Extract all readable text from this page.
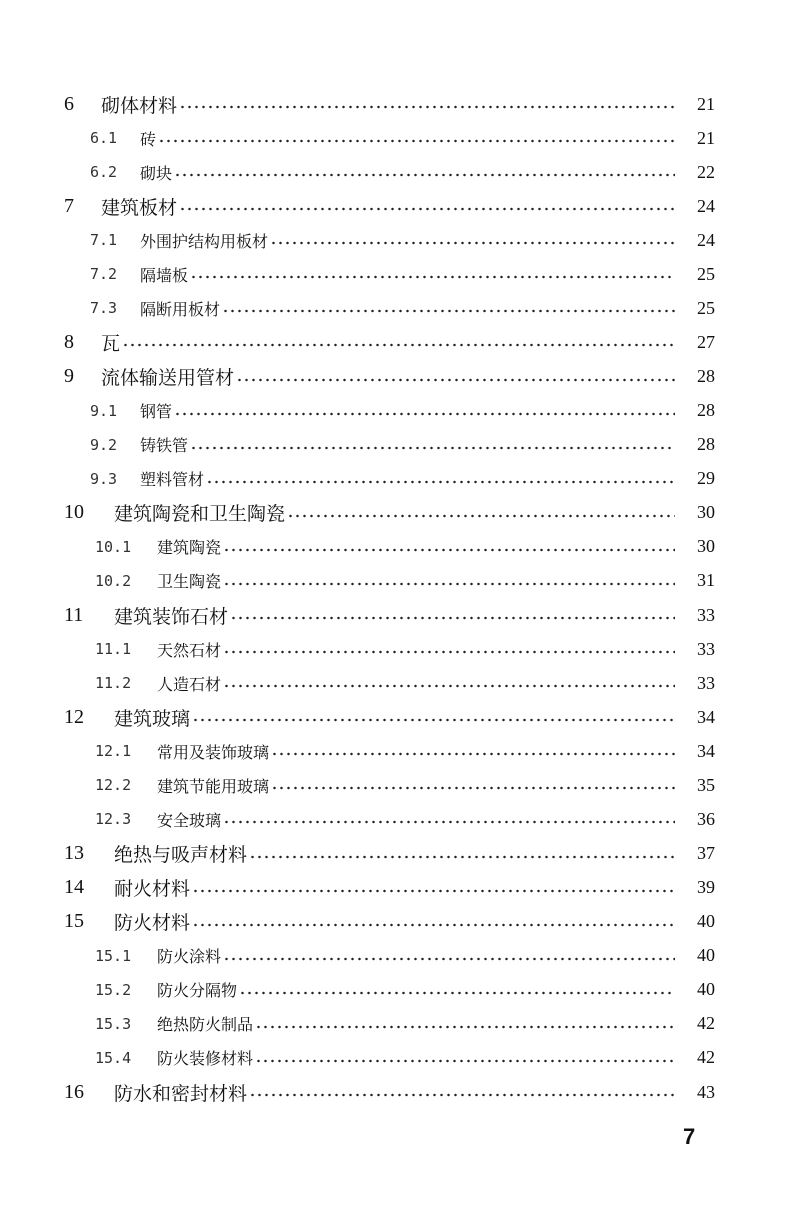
6	砌体材料	21
6.1	砖	21
6.2	砌块	22
7	建筑板材	24
7.1	外围护结构用板材	24
7.2	隔墙板	25
7.3	隔断用板材	25
8	瓦	27
9	流体输送用管材	28
9.1	钢管	28
9.2	铸铁管	28
9.3	塑料管材	29
10	建筑陶瓷和卫生陶瓷	30
10.1	建筑陶瓷	30
10.2	卫生陶瓷	31
11	建筑装饰石材	33
11.1	天然石材	33
11.2	人造石材	33
12	建筑玻璃	34
12.1	常用及装饰玻璃	34
12.2	建筑节能用玻璃	35
12.3	安全玻璃	36
13	绝热与吸声材料	37
14	耐火材料	39
15	防火材料	40
15.1	防火涂料	40
15.2	防火分隔物	40
15.3	绝热防火制品	42
15.4	防火装修材料	42
16	防水和密封材料	43
7
